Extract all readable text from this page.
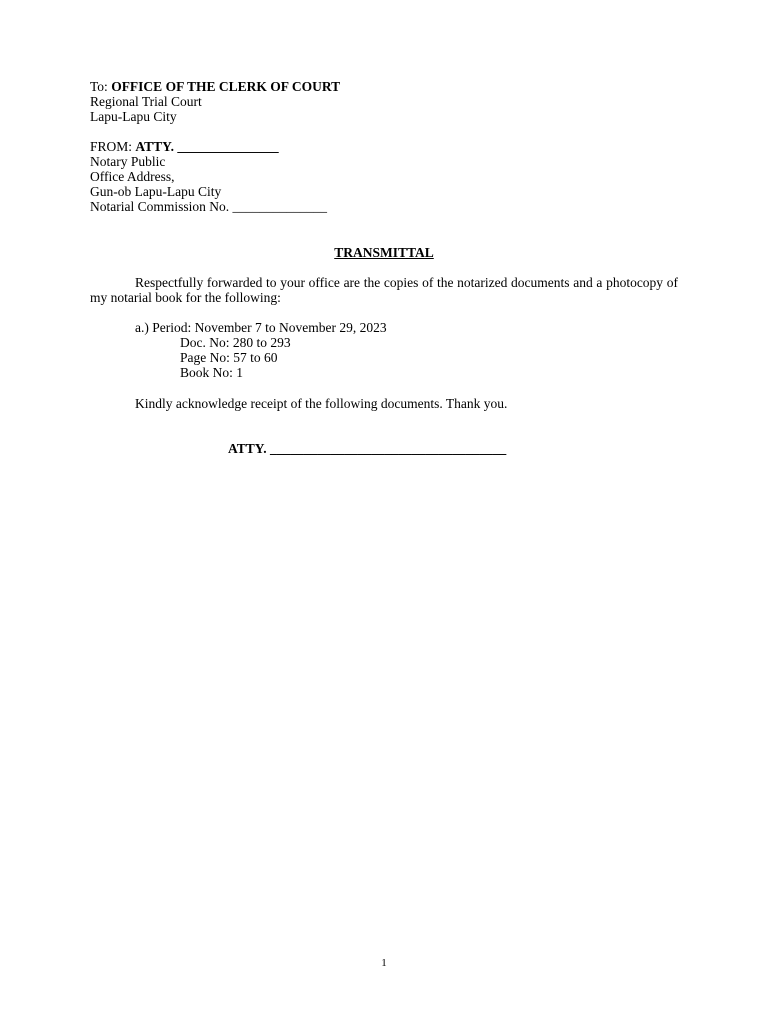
To: OFFICE OF THE CLERK OF COURT
Regional Trial Court
Lapu-Lapu City
FROM: ATTY. _______________
Notary Public
Office Address,
Gun-ob Lapu-Lapu City
Notarial Commission No. ______________
TRANSMITTAL
Respectfully forwarded to your office are the copies of the notarized documents and a photocopy of my notarial book for the following:
a.) Period: November 7 to November 29, 2023
Doc. No: 280 to 293
Page No: 57 to 60
Book No: 1
Kindly acknowledge receipt of the following documents. Thank you.
ATTY. ___________________________________
1
